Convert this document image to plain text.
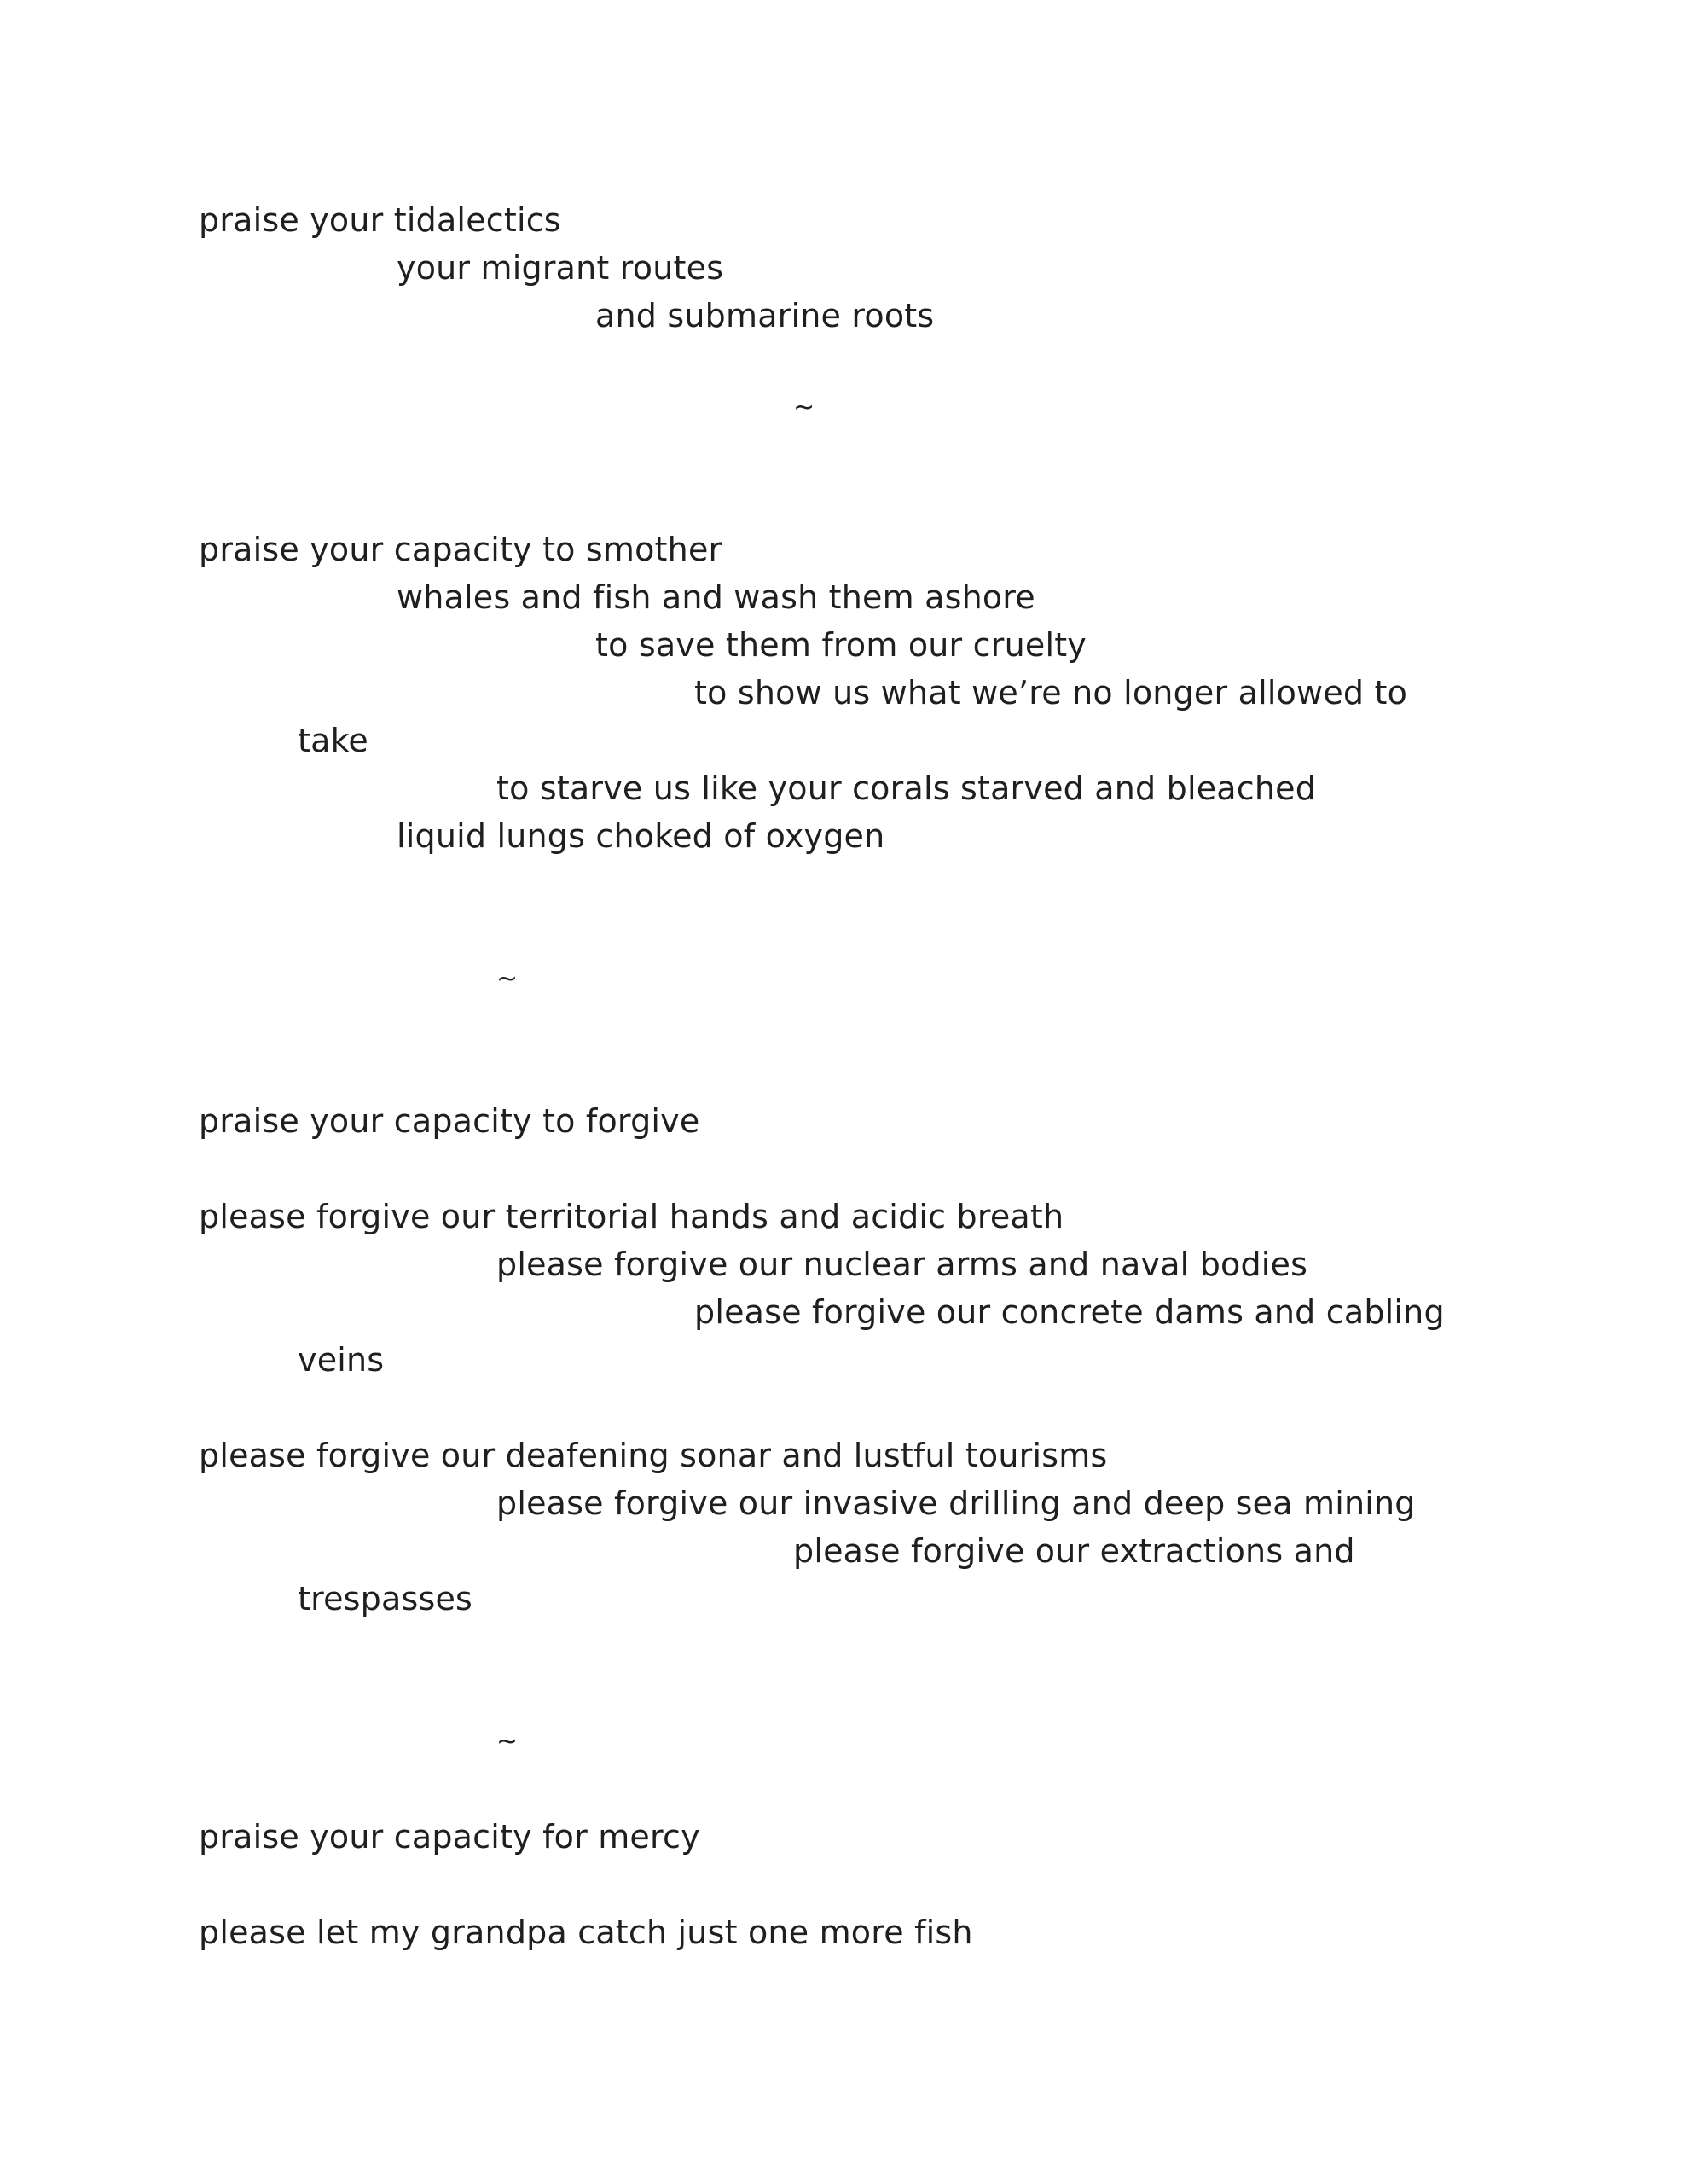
praise your tidalectics
your migrant routes
and submarine roots
~
praise your capacity to smother
whales and fish and wash them ashore
to save them from our cruelty
to show us what we’re no longer allowed to
take
to starve us like your corals starved and bleached
liquid lungs choked of oxygen
~
praise your capacity to forgive
please forgive our territorial hands and acidic breath
please forgive our nuclear arms and naval bodies
please forgive our concrete dams and cabling
veins
please forgive our deafening sonar and lustful tourisms
please forgive our invasive drilling and deep sea mining
please forgive our extractions and
trespasses
~
praise your capacity for mercy
please let my grandpa catch just one more fish
